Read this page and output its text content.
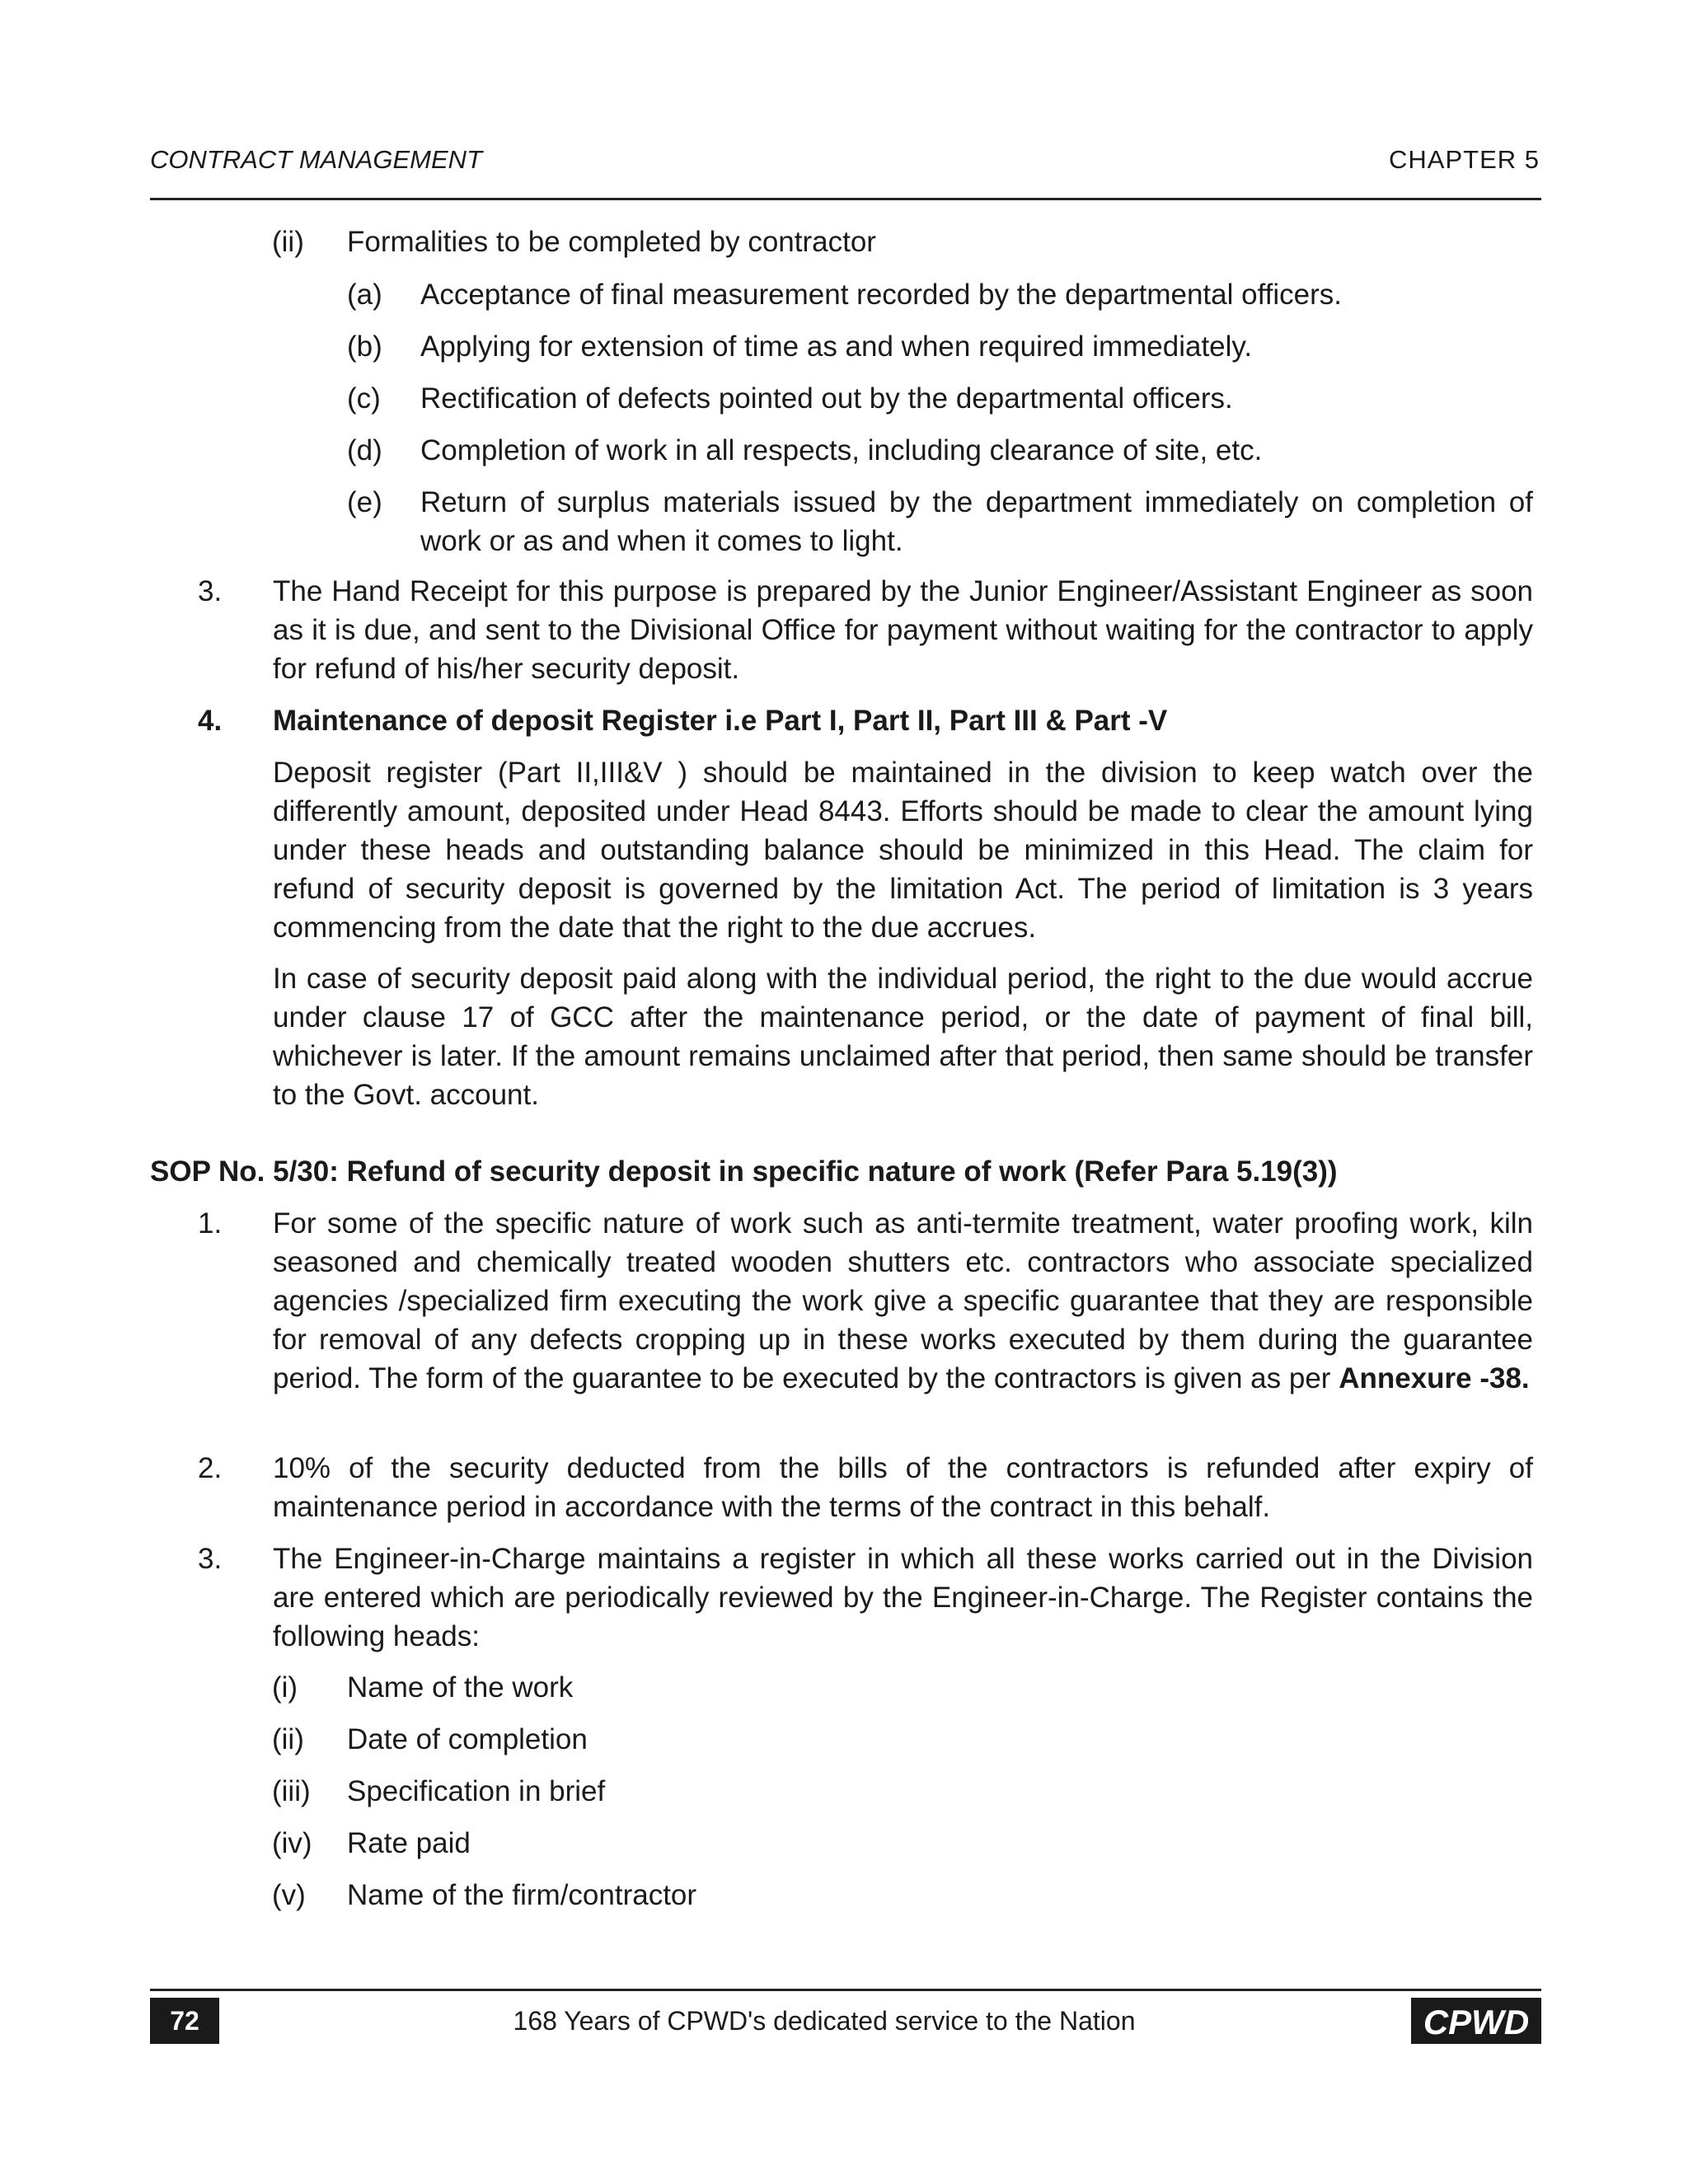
CONTRACT MANAGEMENT	CHAPTER 5
(ii) Formalities to be completed by contractor
(a) Acceptance of final measurement recorded by the departmental officers.
(b) Applying for extension of time as and when required immediately.
(c) Rectification of defects pointed out by the departmental officers.
(d) Completion of work in all respects, including clearance of site, etc.
(e) Return of surplus materials issued by the department immediately on completion of work or as and when it comes to light.
3. The Hand Receipt for this purpose is prepared by the Junior Engineer/Assistant Engineer as soon as it is due, and sent to the Divisional Office for payment without waiting for the contractor to apply for refund of his/her security deposit.
4. Maintenance of deposit Register i.e Part I, Part II, Part III & Part -V
Deposit register (Part II,III&V ) should be maintained in the division to keep watch over the differently amount, deposited under Head 8443. Efforts should be made to clear the amount lying under these heads and outstanding balance should be minimized in this Head. The claim for refund of security deposit is governed by the limitation Act. The period of limitation is 3 years commencing from the date that the right to the due accrues.
In case of security deposit paid along with the individual period, the right to the due would accrue under clause 17 of GCC after the maintenance period, or the date of payment of final bill, whichever is later. If the amount remains unclaimed after that period, then same should be transfer to the Govt. account.
SOP No. 5/30: Refund of security deposit in specific nature of work (Refer Para 5.19(3))
1. For some of the specific nature of work such as anti-termite treatment, water proofing work, kiln seasoned and chemically treated wooden shutters etc. contractors who associate specialized agencies /specialized firm executing the work give a specific guarantee that they are responsible for removal of any defects cropping up in these works executed by them during the guarantee period. The form of the guarantee to be executed by the contractors is given as per Annexure -38.
2. 10% of the security deducted from the bills of the contractors is refunded after expiry of maintenance period in accordance with the terms of the contract in this behalf.
3. The Engineer-in-Charge maintains a register in which all these works carried out in the Division are entered which are periodically reviewed by the Engineer-in-Charge. The Register contains the following heads:
(i) Name of the work
(ii) Date of completion
(iii) Specification in brief
(iv) Rate paid
(v) Name of the firm/contractor
72	168 Years of CPWD's dedicated service to the Nation	CPWD
